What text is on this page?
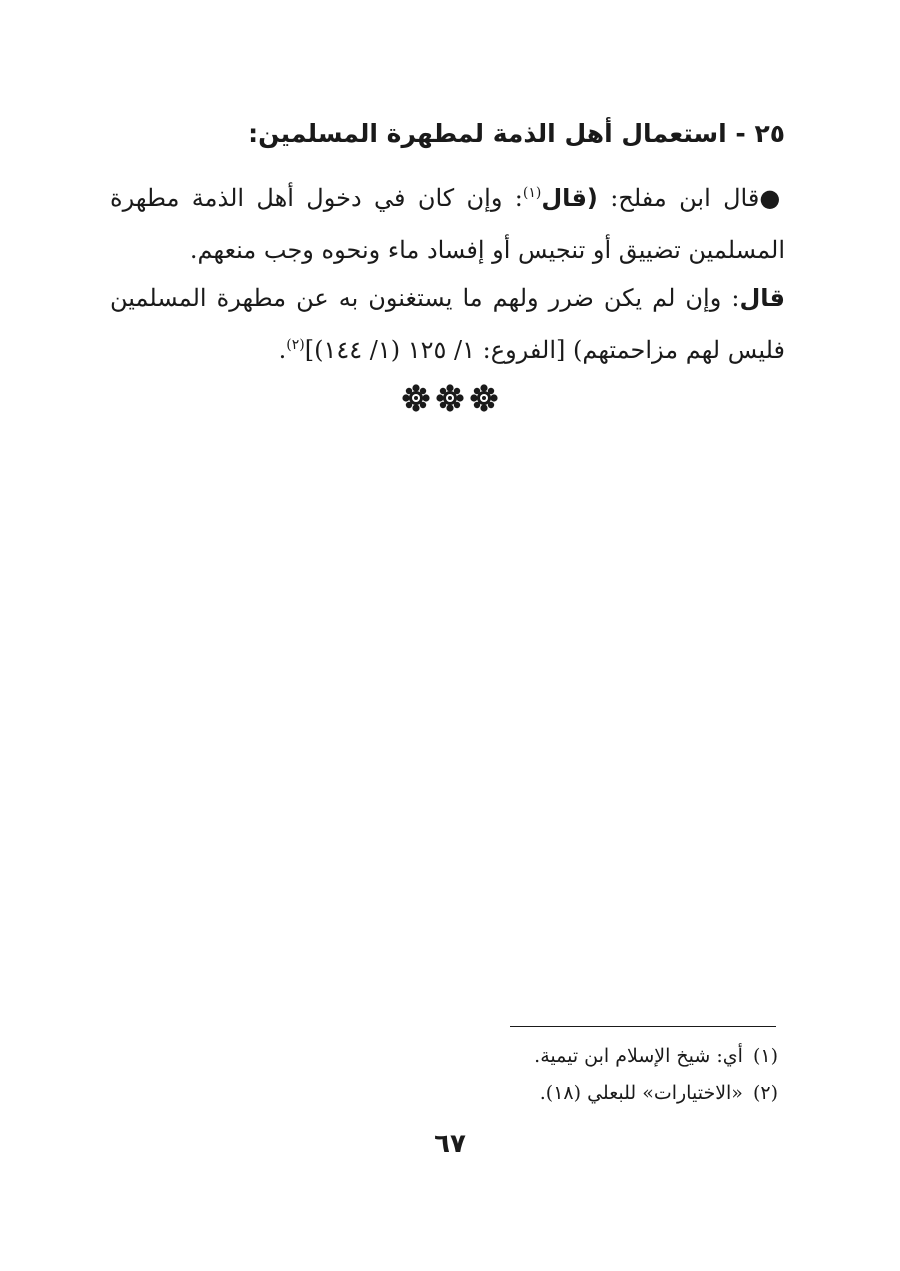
٢٥ - استعمال أهل الذمة لمطهرة المسلمين:
●قال ابن مفلح: (قال$^{(١)}$: وإن كان في دخول أهل الذمة مطهرة المسلمين تضييق أو تنجيس أو إفساد ماء ونحوه وجب منعهم.
قال: وإن لم يكن ضرر ولهم ما يستغنون به عن مطهرة المسلمين فليس لهم مزاحمتهم) [الفروع: ١/ ١٢٥ (١/ ١٤٤)]$^{(٢)}$.
(١)أي: شيخ الإسلام ابن تيمية.
(٢)«الاختيارات» للبعلي (١٨).
٦٧
